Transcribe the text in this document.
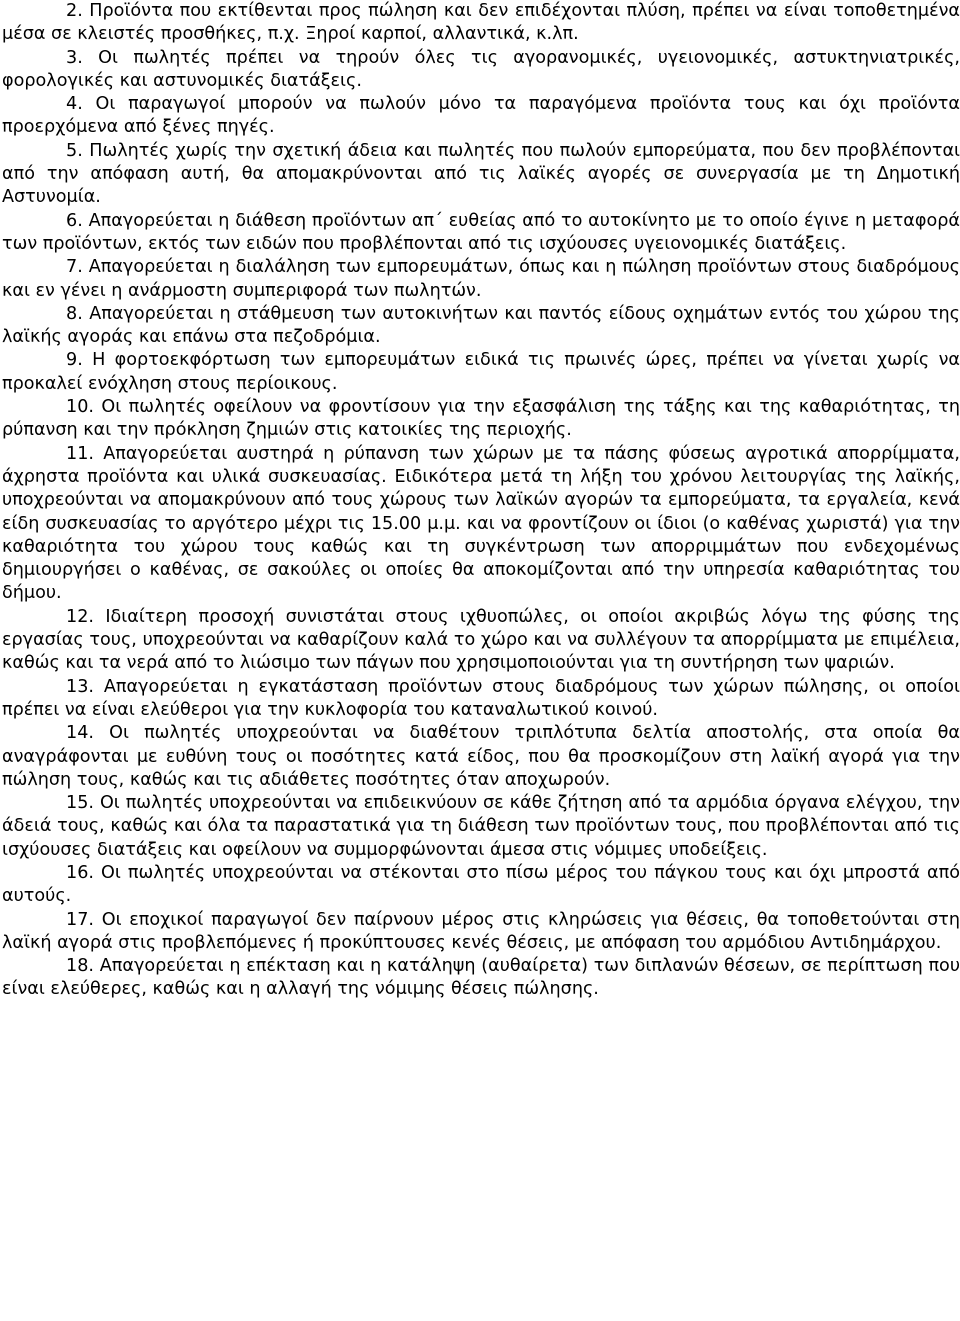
2. Προϊόντα που εκτίθενται προς πώληση και δεν επιδέχονται πλύση, πρέπει να είναι τοποθετημένα μέσα σε κλειστές προσθήκες, π.χ. Ξηροί καρποί, αλλαντικά, κ.λπ.

3. Οι πωλητές πρέπει να τηρούν όλες τις αγορανομικές, υγειονομικές, αστυκτηνιατρικές, φορολογικές και αστυνομικές διατάξεις.

4. Οι παραγωγοί μπορούν να πωλούν μόνο τα παραγόμενα προϊόντα τους και όχι προϊόντα προερχόμενα από ξένες πηγές.

5. Πωλητές χωρίς την σχετική άδεια και πωλητές που πωλούν εμπορεύματα, που δεν προβλέπονται από την απόφαση αυτή, θα απομακρύνονται από τις λαϊκές αγορές σε συνεργασία με τη Δημοτική Αστυνομία.

6. Απαγορεύεται η διάθεση προϊόντων απ΄ ευθείας από το αυτοκίνητο με το οποίο έγινε η μεταφορά των προϊόντων, εκτός των ειδών που προβλέπονται από τις ισχύουσες υγειονομικές διατάξεις.

7. Απαγορεύεται η διαλάληση των εμπορευμάτων, όπως και η πώληση προϊόντων στους διαδρόμους και εν γένει η ανάρμοστη συμπεριφορά των πωλητών.

8. Απαγορεύεται η στάθμευση των αυτοκινήτων και παντός είδους οχημάτων εντός του χώρου της λαϊκής αγοράς και επάνω στα πεζοδρόμια.

9. Η φορτοεκφόρτωση των εμπορευμάτων ειδικά τις πρωινές ώρες, πρέπει να γίνεται χωρίς να προκαλεί ενόχληση στους περίοικους.

10. Οι πωλητές οφείλουν να φροντίσουν για την εξασφάλιση της τάξης και της καθαριότητας, τη ρύπανση και την πρόκληση ζημιών στις κατοικίες της περιοχής.

11. Απαγορεύεται αυστηρά η ρύπανση των χώρων με τα πάσης φύσεως αγροτικά απορρίμματα, άχρηστα προϊόντα και υλικά συσκευασίας. Ειδικότερα μετά τη λήξη του χρόνου λειτουργίας της λαϊκής, υποχρεούνται να απομακρύνουν από τους χώρους των λαϊκών αγορών τα εμπορεύματα, τα εργαλεία, κενά είδη συσκευασίας το αργότερο μέχρι τις 15.00 μ.μ. και να φροντίζουν οι ίδιοι (ο καθένας χωριστά) για την καθαριότητα του χώρου τους καθώς και τη συγκέντρωση των απορριμμάτων που ενδεχομένως δημιουργήσει ο καθένας, σε σακούλες οι οποίες θα αποκομίζονται από την υπηρεσία καθαριότητας του δήμου.

12. Ιδιαίτερη προσοχή συνιστάται στους ιχθυοπώλες, οι οποίοι ακριβώς λόγω της φύσης της εργασίας τους, υποχρεούνται να καθαρίζουν καλά το χώρο και να συλλέγουν τα απορρίμματα με επιμέλεια, καθώς και τα νερά από το λιώσιμο των πάγων που χρησιμοποιούνται για τη συντήρηση των ψαριών.

13. Απαγορεύεται η εγκατάσταση προϊόντων στους διαδρόμους των χώρων πώλησης, οι οποίοι πρέπει να είναι ελεύθεροι για την κυκλοφορία του καταναλωτικού κοινού.

14. Οι πωλητές υποχρεούνται να διαθέτουν τριπλότυπα δελτία αποστολής, στα οποία θα αναγράφονται με ευθύνη τους οι ποσότητες κατά είδος, που θα προσκομίζουν στη λαϊκή αγορά για την πώληση τους, καθώς και τις αδιάθετες ποσότητες όταν αποχωρούν.

15. Οι πωλητές υποχρεούνται να επιδεικνύουν σε κάθε ζήτηση από τα αρμόδια όργανα ελέγχου, την άδειά τους, καθώς και όλα τα παραστατικά για τη διάθεση των προϊόντων τους, που προβλέπονται από τις ισχύουσες διατάξεις και οφείλουν να συμμορφώνονται άμεσα στις νόμιμες υποδείξεις.

16. Οι πωλητές υποχρεούνται να στέκονται στο πίσω μέρος του πάγκου τους και όχι μπροστά από αυτούς.

17. Οι εποχικοί παραγωγοί δεν παίρνουν μέρος στις κληρώσεις για θέσεις, θα τοποθετούνται στη λαϊκή αγορά στις προβλεπόμενες ή προκύπτουσες κενές θέσεις, με απόφαση του αρμόδιου Αντιδημάρχου.

18. Απαγορεύεται η επέκταση και η κατάληψη (αυθαίρετα) των διπλανών θέσεων, σε περίπτωση που είναι ελεύθερες, καθώς και η αλλαγή της νόμιμης θέσεις πώλησης.
